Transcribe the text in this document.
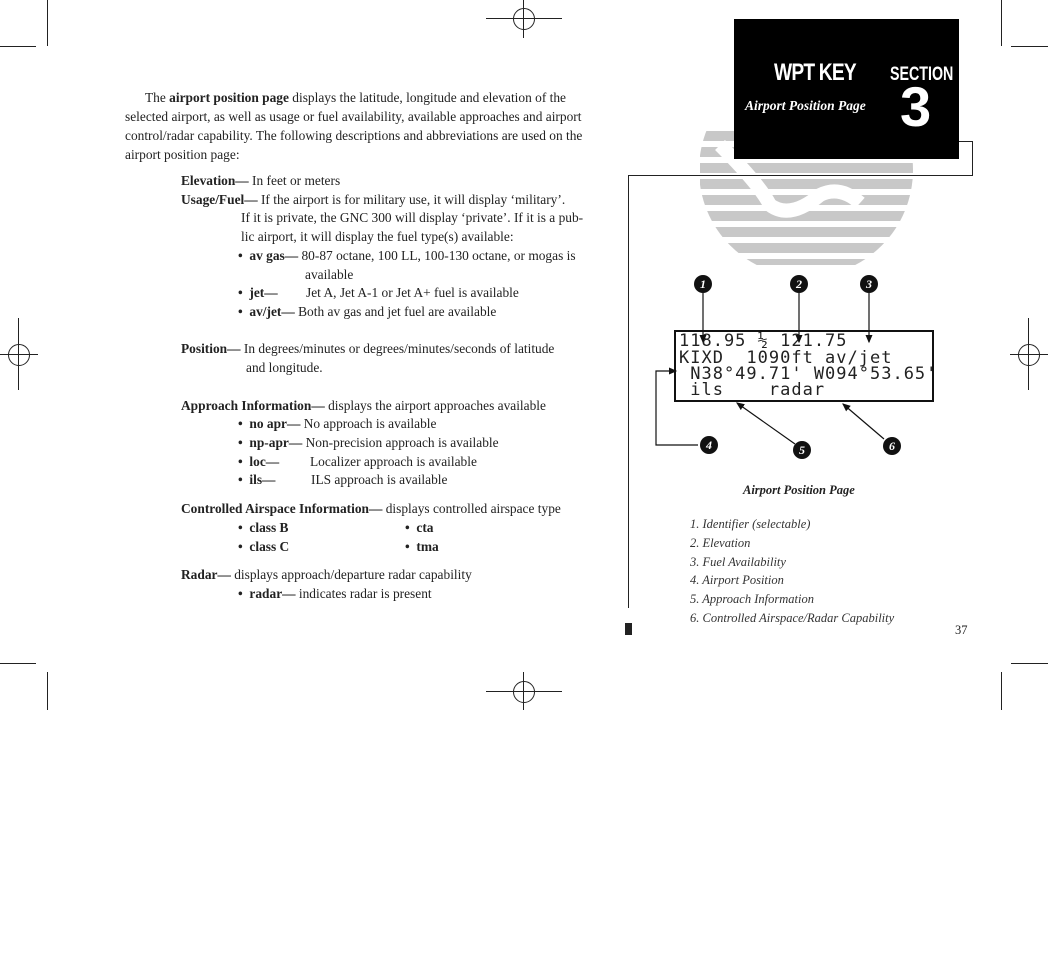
WPT KEY
Airport Position Page
SECTION
3
The airport position page displays the latitude, longitude and elevation of the selected airport, as well as usage or fuel availability, available approaches and airport control/radar capability. The following descriptions and abbreviations are used on the airport position page:
Elevation— In feet or meters
Usage/Fuel— If the airport is for military use, it will display ‘military’.
If it is private, the GNC 300 will display ‘private’. If it is a pub-
lic airport, it will display the fuel type(s) available:
• av gas— 80-87 octane, 100 LL, 100-130 octane, or mogas is
available
• jet— Jet A, Jet A-1 or Jet A+ fuel is available
• av/jet— Both av gas and jet fuel are available
Position— In degrees/minutes or degrees/minutes/seconds of latitude
and longitude.
Approach Information— displays the airport approaches available
• no apr— No approach is available
• np-apr— Non-precision approach is available
• loc— Localizer approach is available
• ils—	ILS approach is available
Controlled Airspace Information— displays controlled airspace type
• class B	• cta
• class C	• tma
Radar— displays approach/departure radar capability
• radar— indicates radar is present
118.95 ½ 121.75
KIXD  1090ft av/jet
N38°49.71' W094°53.65'
ils    radar
1	2	3
4	5	6
Airport Position Page
1. Identifier (selectable)
2. Elevation
3. Fuel Availability
4. Airport Position
5. Approach Information
6. Controlled Airspace/Radar Capability
37
